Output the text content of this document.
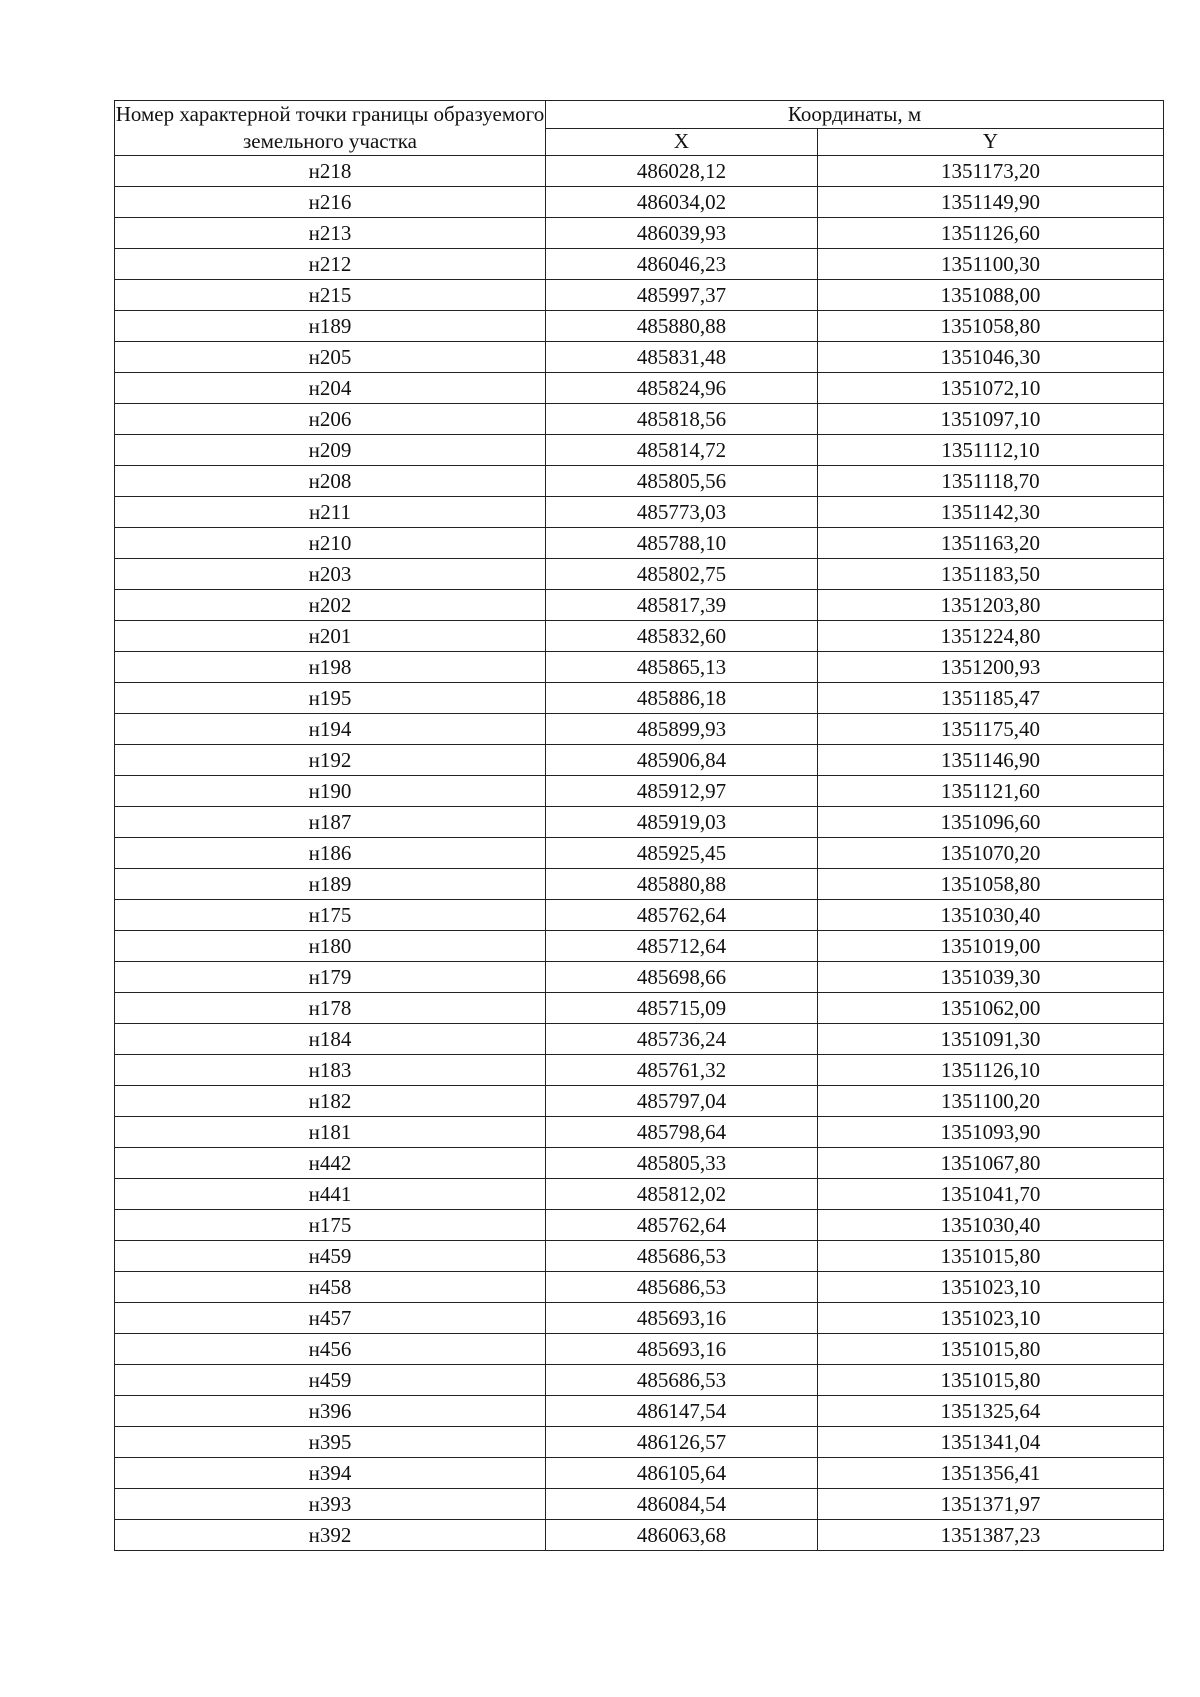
Номер характерной точки границы образуемого земельного участка	Координаты, м	
	X	Y
н218	486028,12	1351173,20
н216	486034,02	1351149,90
н213	486039,93	1351126,60
н212	486046,23	1351100,30
н215	485997,37	1351088,00
н189	485880,88	1351058,80
н205	485831,48	1351046,30
н204	485824,96	1351072,10
н206	485818,56	1351097,10
н209	485814,72	1351112,10
н208	485805,56	1351118,70
н211	485773,03	1351142,30
н210	485788,10	1351163,20
н203	485802,75	1351183,50
н202	485817,39	1351203,80
н201	485832,60	1351224,80
н198	485865,13	1351200,93
н195	485886,18	1351185,47
н194	485899,93	1351175,40
н192	485906,84	1351146,90
н190	485912,97	1351121,60
н187	485919,03	1351096,60
н186	485925,45	1351070,20
н189	485880,88	1351058,80
н175	485762,64	1351030,40
н180	485712,64	1351019,00
н179	485698,66	1351039,30
н178	485715,09	1351062,00
н184	485736,24	1351091,30
н183	485761,32	1351126,10
н182	485797,04	1351100,20
н181	485798,64	1351093,90
н442	485805,33	1351067,80
н441	485812,02	1351041,70
н175	485762,64	1351030,40
н459	485686,53	1351015,80
н458	485686,53	1351023,10
н457	485693,16	1351023,10
н456	485693,16	1351015,80
н459	485686,53	1351015,80
н396	486147,54	1351325,64
н395	486126,57	1351341,04
н394	486105,64	1351356,41
н393	486084,54	1351371,97
н392	486063,68	1351387,23
